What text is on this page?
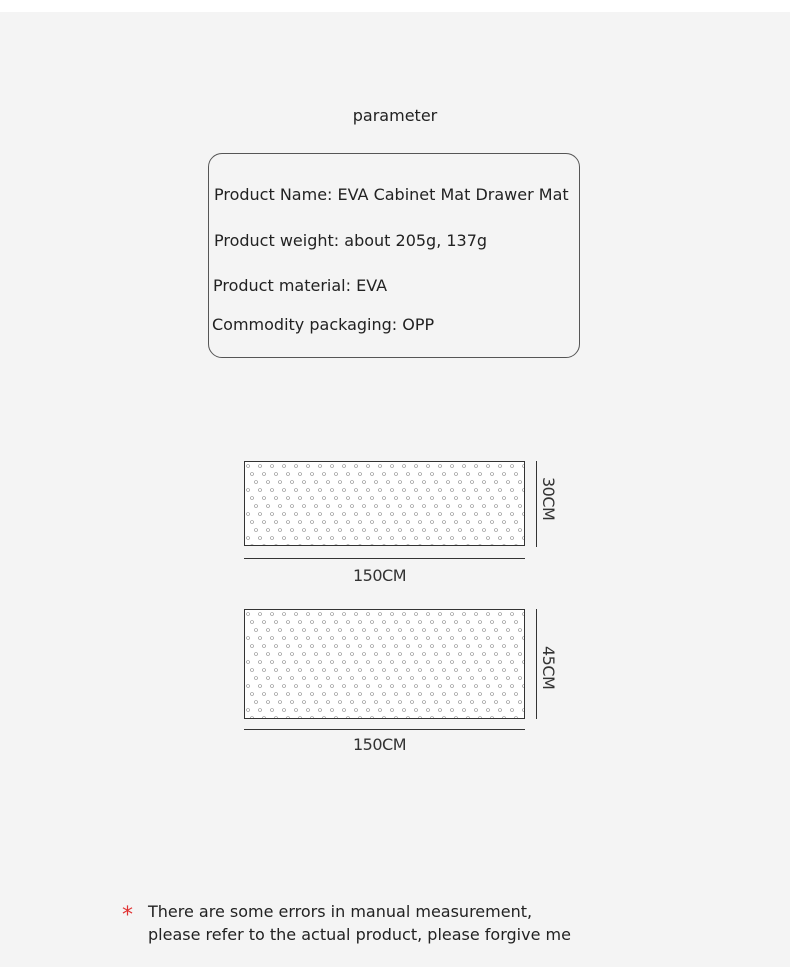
parameter
Product Name: EVA Cabinet Mat Drawer Mat
Product weight: about 205g, 137g
Product material: EVA
Commodity packaging: OPP
150CM
30CM
150CM
45CM
* There are some errors in manual measurement,
please refer to the actual product, please forgive me
